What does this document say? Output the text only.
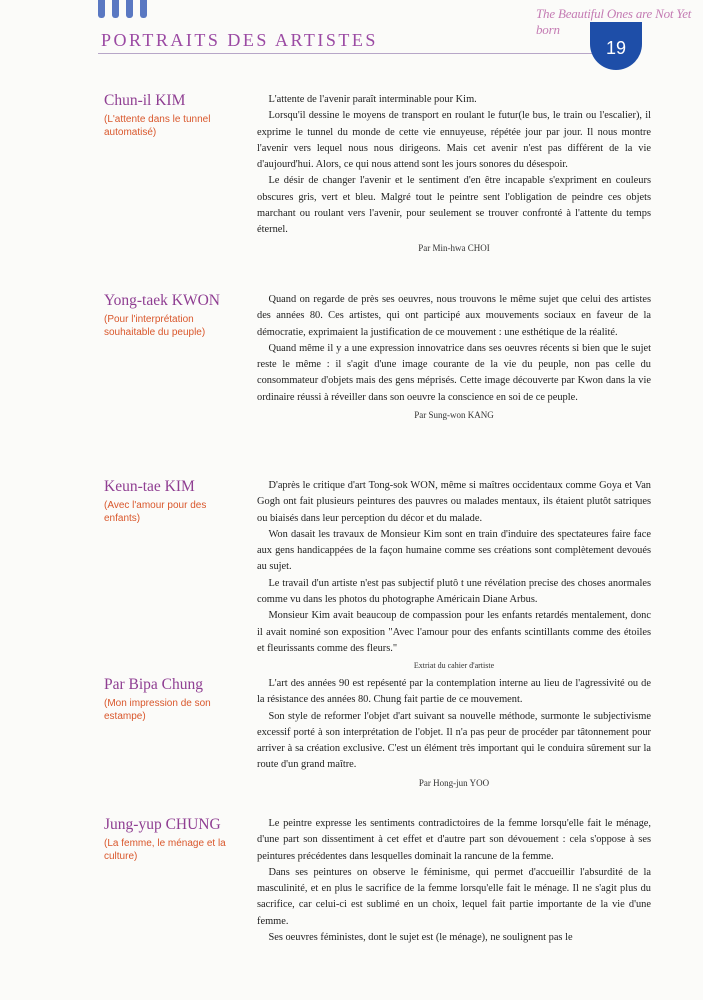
PORTRAITS DES ARTISTES
The Beautiful Ones are Not Yet born
19
Chun-il KIM
(L'attente dans le tunnel automatisé)

L'attente de l'avenir paraît interminable pour Kim.

Lorsqu'il dessine le moyens de transport en roulant le futur(le bus, le train ou l'escalier), il exprime le tunnel du monde de cette vie ennuyeuse, répétée jour par jour. Il nous montre l'avenir vers lequel nous nous dirigeons. Mais cet avenir n'est pas différent de la vie d'aujourd'hui. Alors, ce qui nous attend sont les jours sonores du désespoir.

Le désir de changer l'avenir et le sentiment d'en être incapable s'expriment en couleurs obscures gris, vert et bleu. Malgré tout le peintre sent l'obligation de peindre ces objets marchant ou roulant vers l'avenir, pour seulement se trouver confronté à l'attente du temps éternel.

Par Min-hwa CHOI
Yong-taek KWON
(Pour l'interprétation souhaitable du peuple)

Quand on regarde de près ses oeuvres, nous trouvons le même sujet que celui des artistes des années 80. Ces artistes, qui ont participé aux mouvements sociaux en faveur de la démocratie, exprimaient la justification de ce mouvement : une esthétique de la réalité.

Quand même il y a une expression innovatrice dans ses oeuvres récents si bien que le sujet reste le même : il s'agit d'une image courante de la vie du peuple, non pas celle du consommateur d'objets mais des gens méprisés. Cette image découverte par Kwon dans la vie ordinaire réussi à réveiller dans son oeuvre la conscience en soi de ce peuple.

Par Sung-won KANG
Keun-tae KIM
(Avec l'amour pour des enfants)

D'après le critique d'art Tong-sok WON, même si maîtres occidentaux comme Goya et Van Gogh ont fait plusieurs peintures des pauvres ou malades mentaux, ils étaient plutôt satriques ou biaisés dans leur perception du décor et du malade.

Won dasait les travaux de Monsieur Kim sont en train d'induire des spectateures faire face aux gens handicappées de la façon humaine comme ses créations sont complètement devoués au sujet.

Le travail d'un artiste n'est pas subjectif plutô t une révélation precise des choses anormales comme vu dans les photos du photographe Américain Diane Arbus.

Monsieur Kim avait beaucoup de compassion pour les enfants retardés mentalement, donc il avait nominé son exposition "Avec l'amour pour des enfants scintillants comme des étoiles et fleurissants comme des fleurs."

Extriat du cahier d'artiste
Par Bipa Chung
(Mon impression de son estampe)

L'art des années 90 est repésenté par la contemplation interne au lieu de l'agressivité ou de la résistance des années 80. Chung fait partie de ce mouvement.

Son style de reformer l'objet d'art suivant sa nouvelle méthode, surmonte le subjectivisme excessif porté à son interprétation de l'objet. Il n'a pas peur de procéder par tâtonnement pour arriver à sa création exclusive. C'est un élément très important qui le conduira sûrement sur la route d'un grand maître.

Par Hong-jun YOO
Jung-yup CHUNG
(La femme, le ménage et la culture)

Le peintre expresse les sentiments contradictoires de la femme lorsqu'elle fait le ménage, d'une part son dissentiment à cet effet et d'autre part son dévouement : cela s'oppose à ses peintures précédentes dans lesquelles dominait la rancune de la femme.

Dans ses peintures on observe le féminisme, qui permet d'accueillir l'absurdité de la masculinité, et en plus le sacrifice de la femme lorsqu'elle fait le ménage. Il ne s'agit plus du sacrifice, car celui-ci est sublimé en un choix, lequel fait partie importante de la vie d'une femme.

Ses oeuvres féministes, dont le sujet est (le ménage), ne soulignent pas le
